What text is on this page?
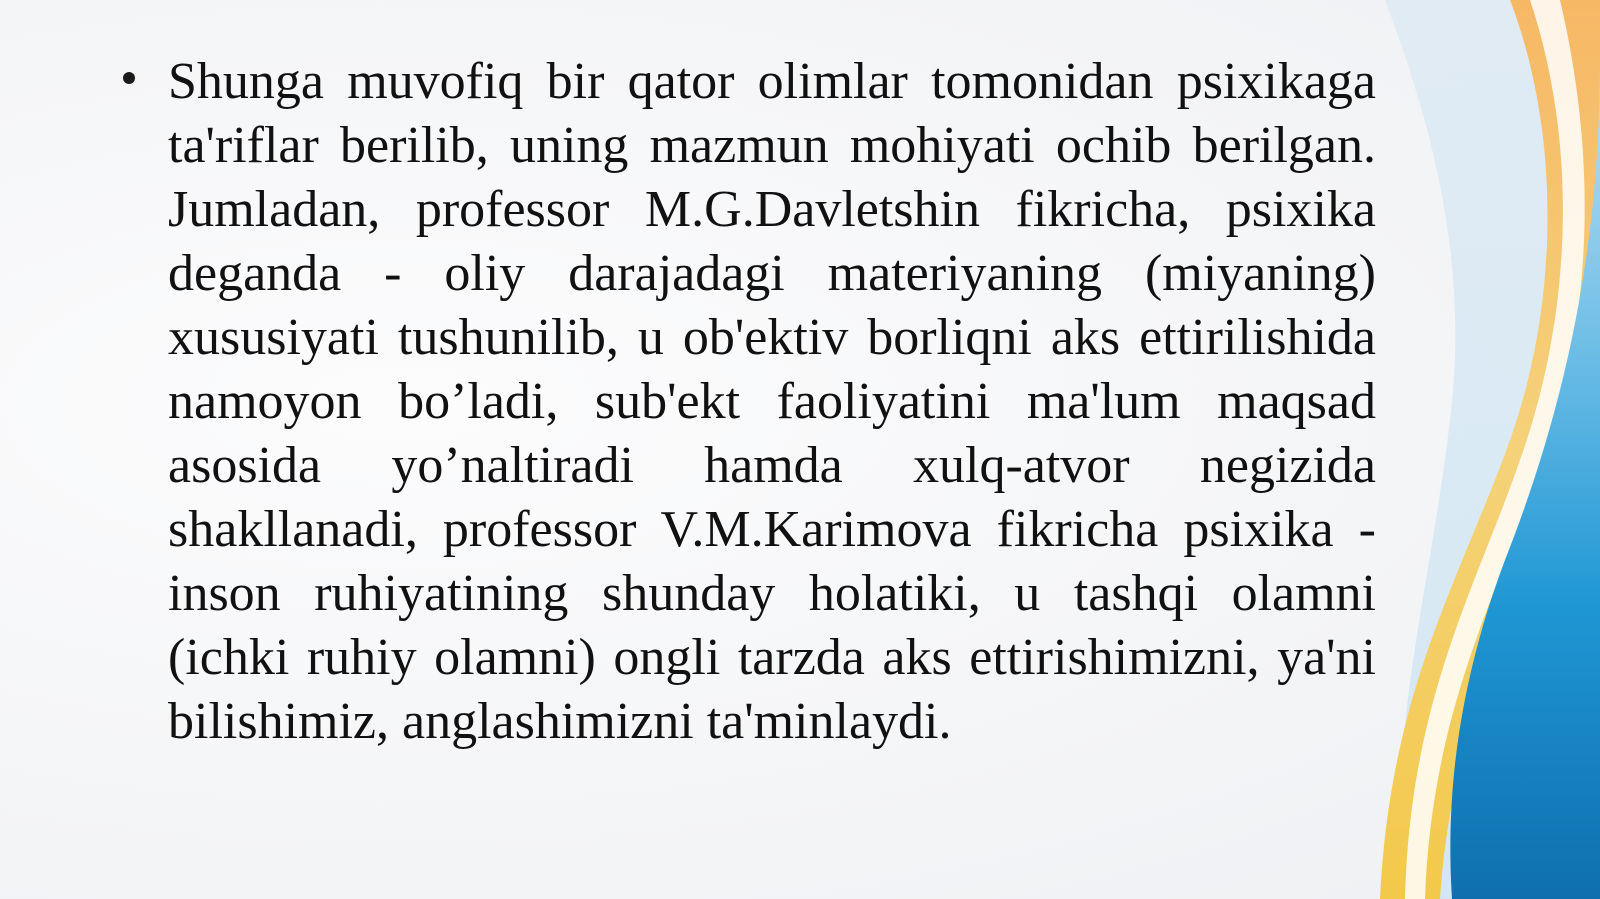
Shunga muvofiq bir qator olimlar tomonidan psixikaga ta'riflar berilib, uning mazmun mohiyati ochib berilgan. Jumladan, professor M.G.Davletshin fikricha, psixika deganda - oliy darajadagi materiyaning (miyaning) xususiyati tushunilib, u ob'ektiv borliqni aks ettirilishida namoyon bo’ladi, sub'ekt faoliyatini ma'lum maqsad asosida yo’naltiradi hamda xulq-atvor negizida shakllanadi, professor V.M.Karimova fikricha psixika - inson ruhiyatining shunday holatiki, u tashqi olamni (ichki ruhiy olamni) ongli tarzda aks ettirishimizni, ya'ni bilishimiz, anglashimizni ta'minlaydi.
